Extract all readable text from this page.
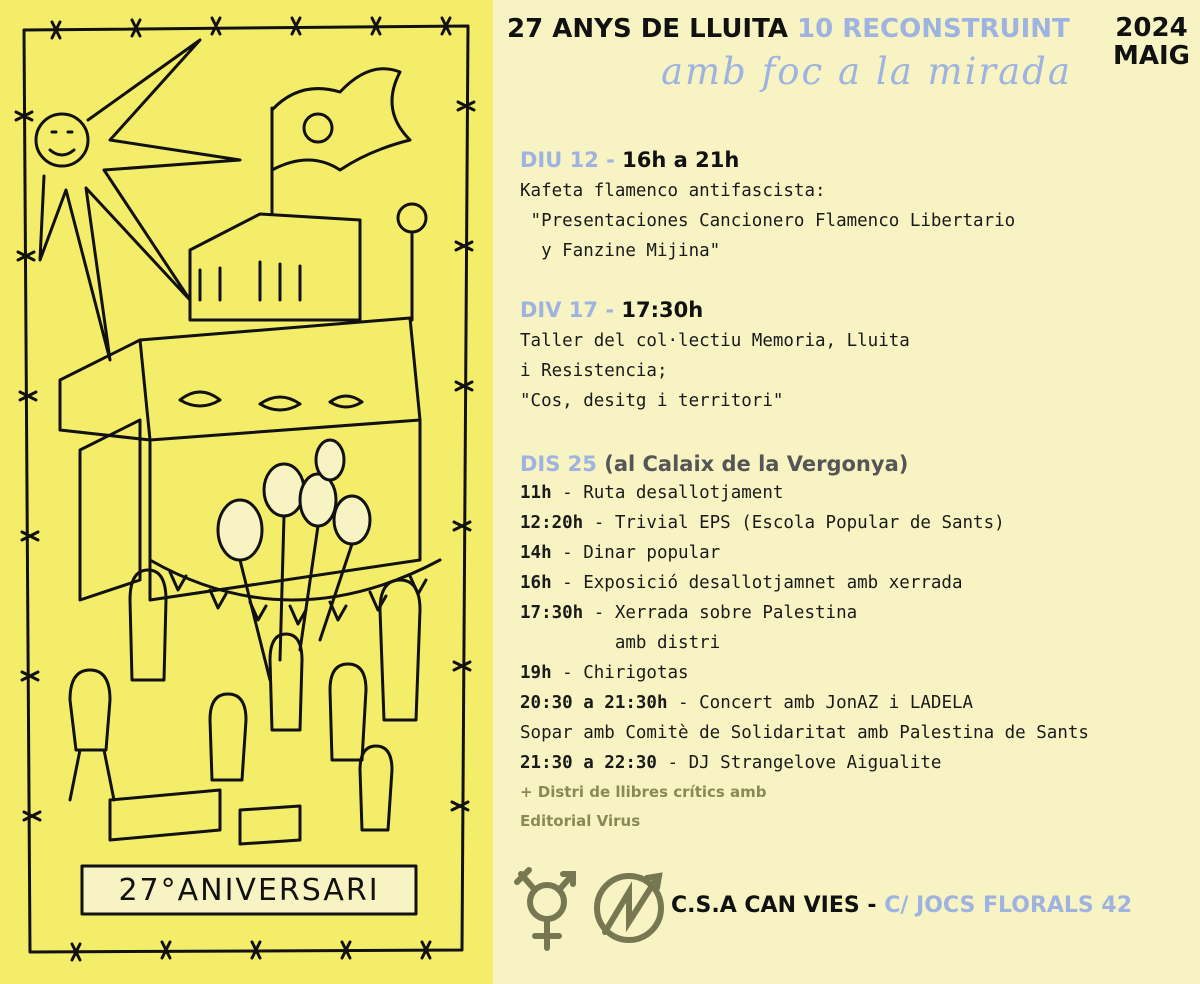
27°ANIVERSARI
27 ANYS DE LLUITA 10 RECONSTRUINT 2024
MAIG
amb foc a la mirada
DIU 12 - 16h a 21h
Kafeta flamenco antifascista:
"Presentaciones Cancionero Flamenco Libertario
y Fanzine Mijina"
DIV 17 - 17:30h
Taller del col·lectiu Memoria, Lluita
i Resistencia;
"Cos, desitg i territori"
DIS 25 (al Calaix de la Vergonya)
11h - Ruta desallotjament
12:20h - Trivial EPS (Escola Popular de Sants)
14h - Dinar popular
16h - Exposició desallotjamnet amb xerrada
17:30h - Xerrada sobre Palestina
amb distri
19h - Chirigotas
20:30 a 21:30h - Concert amb JonAZ i LADELA
Sopar amb Comitè de Solidaritat amb Palestina de Sants
21:30 a 22:30 - DJ Strangelove Aigualite
+ Distri de llibres crítics amb
Editorial Virus
C.S.A CAN VIES - C/ JOCS FLORALS 42
